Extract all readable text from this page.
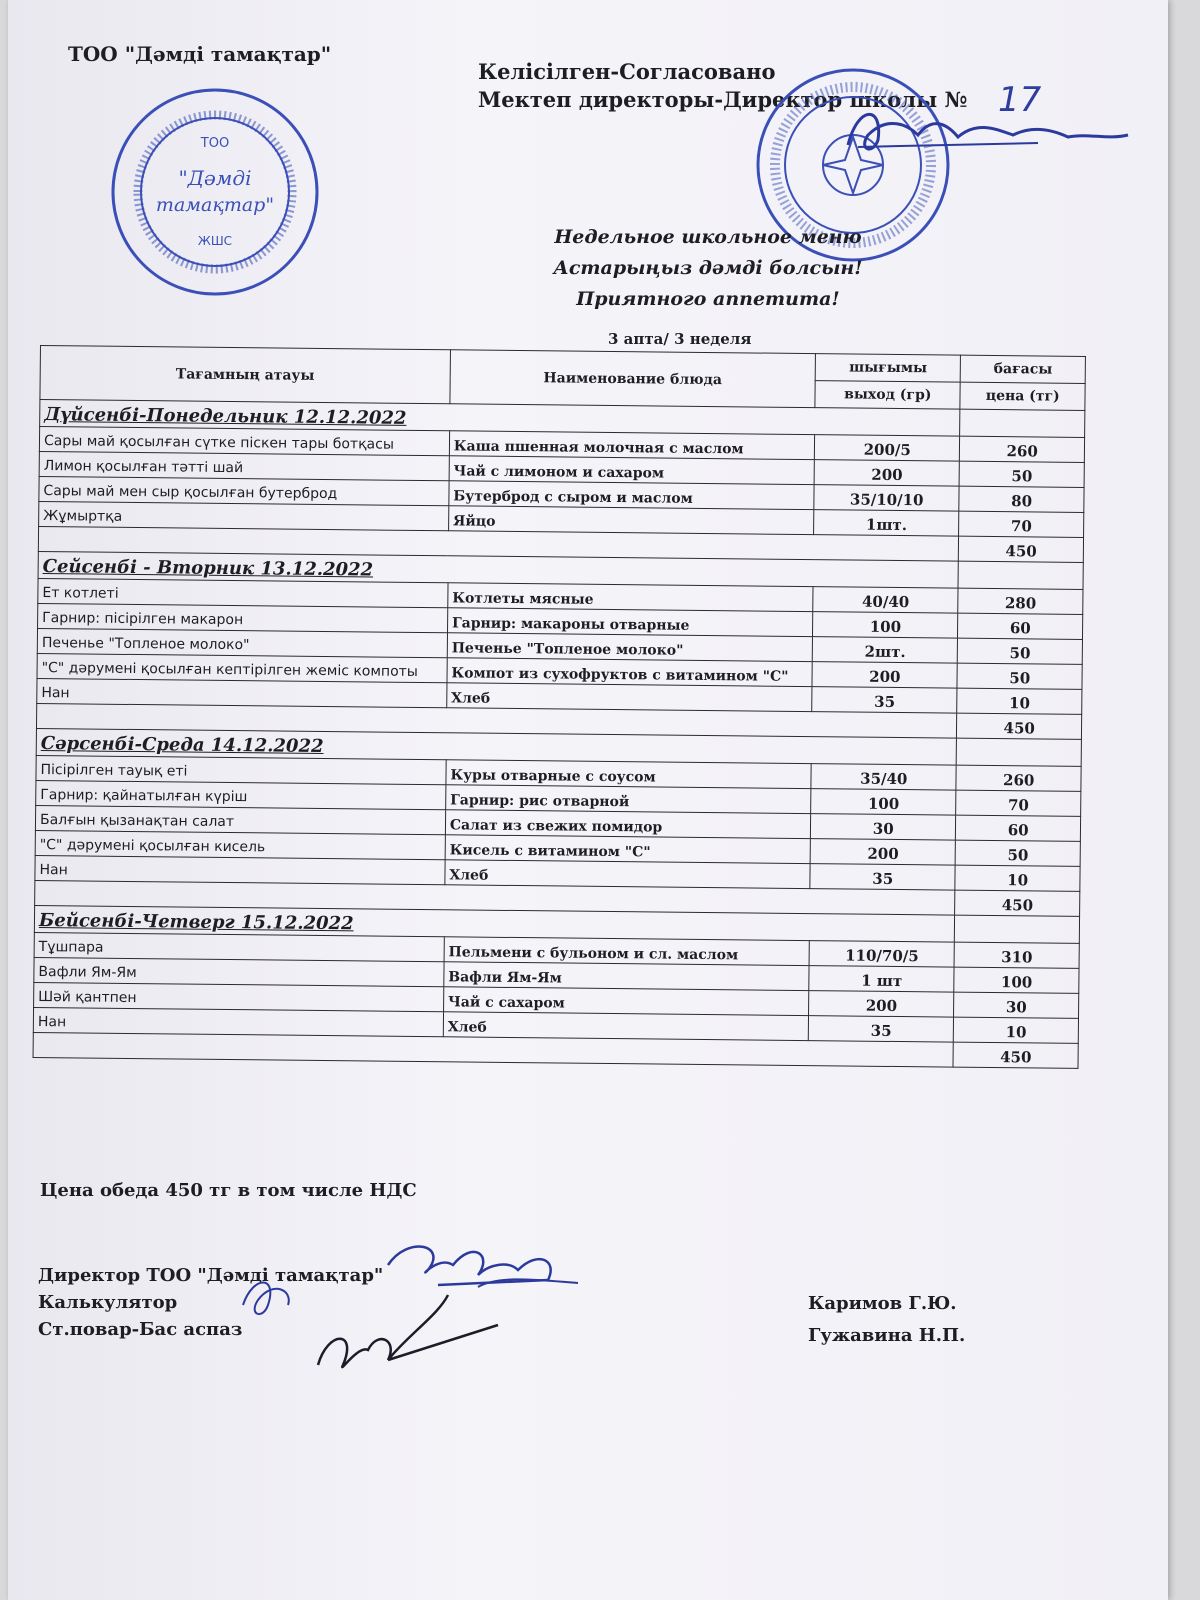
ТОО "Дәмді тамақтар"
ТОО
"Дәмді
тамақтар"
ЖШС
Келісілген-Согласовано
Мектеп директоры-Директор школы № 17
Недельное школьное меню
Астарыңыз дәмді болсын!
Приятного аппетита!
3 апта/ 3 неделя
Тағамның атауы	Наименование блюда	шығымы	бағасы
		выход (гр)	цена (тг)
Дүйсенбі-Понедельник 12.12.2022			
Сары май қосылған сүтке піскен тары ботқасы	Каша пшенная молочная с маслом	200/5	260
Лимон қосылған тәтті шай	Чай с лимоном и сахаром	200	50
Сары май мен сыр қосылған бутерброд	Бутерброд с сыром и маслом	35/10/10	80
Жұмыртқа	Яйцо	1шт.	70
			450
Сейсенбі - Вторник 13.12.2022			
Ет котлеті	Котлеты мясные	40/40	280
Гарнир: пісірілген макарон	Гарнир: макароны отварные	100	60
Печенье "Топленое молоко"	Печенье "Топленое молоко"	2шт.	50
"С" дәрумені қосылған кептірілген жеміс компоты	Компот из сухофруктов с витамином "С"	200	50
Нан	Хлеб	35	10
			450
Сәрсенбі-Среда 14.12.2022			
Пісірілген тауық еті	Куры отварные с соусом	35/40	260
Гарнир: қайнатылған күріш	Гарнир: рис отварной	100	70
Балғын қызанақтан салат	Салат из свежих помидор	30	60
"С" дәрумені қосылған кисель	Кисель с витамином "С"	200	50
Нан	Хлеб	35	10
			450
Бейсенбі-Четверг 15.12.2022			
Тұшпара	Пельмени с бульоном и сл. маслом	110/70/5	310
Вафли Ям-Ям	Вафли Ям-Ям	1 шт	100
Шәй қантпен	Чай с сахаром	200	30
Нан	Хлеб	35	10
			450
Цена обеда 450 тг в том числе НДС
Директор ТОО "Дәмді тамақтар"
Калькулятор
Ст.повар-Бас аспаз
Каримов Г.Ю.
Гужавина Н.П.
